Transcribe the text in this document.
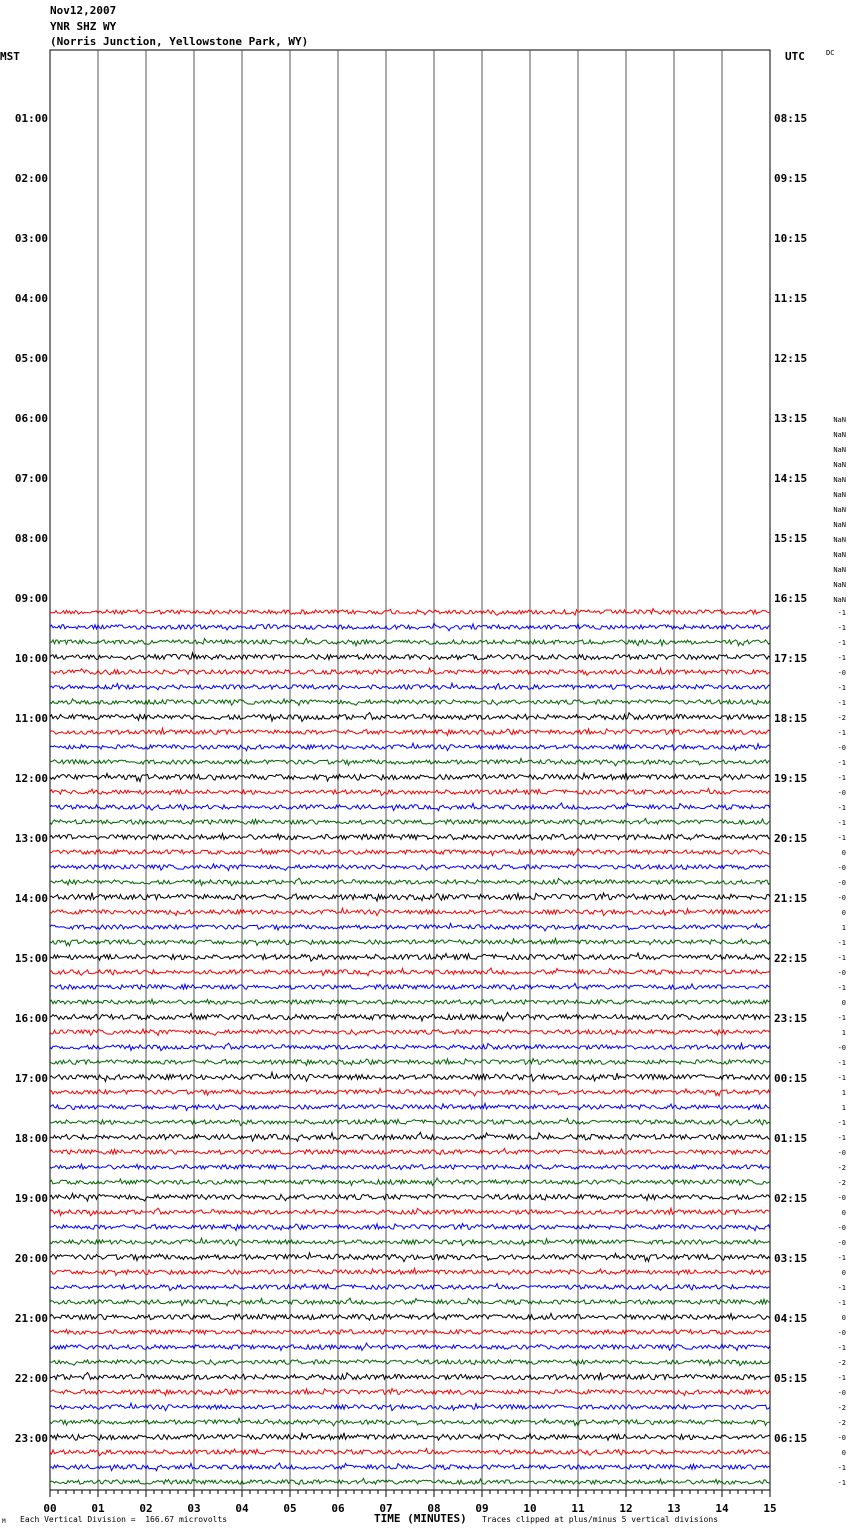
Nov12,2007
YNR SHZ WY
(Norris Junction, Yellowstone Park, WY)
MST	UTC	DC
01:00
02:00
03:00
04:00
05:00
06:00
07:00
08:00
09:00
10:00
11:00
12:00
13:00
14:00
15:00
16:00
17:00
18:00
19:00
20:00
21:00
22:00
23:00
08:15
09:15
10:15
11:15
12:15
13:15
14:15
15:15
16:15
17:15
18:15
19:15
20:15
21:15
22:15
23:15
00:15
01:15
02:15
03:15
04:15
05:15
06:15
NaN
NaN
NaN
NaN
NaN
NaN
NaN
NaN
NaN
NaN
NaN
NaN
NaN
-1
-1
-1
-1
-0
-1
-1
-2
-1
-0
-1
-1
-0
-1
-1
-1
0
-0
-0
-0
0
1
-1
-1
-0
-1
0
-1
1
-0
-1
-1
1
1
-1
-1
-0
-2
-2
-0
0
-0
-0
-1
0
-1
-1
0
-0
-1
-2
-1
-0
-2
-2
-0
0
-1
-1
00	01	02	03	04	05	06	07	08	09	10	11	12	13	14	15
M Each Vertical Division =  166.67 microvolts	TIME (MINUTES) Traces clipped at plus/minus 5 vertical divisions
